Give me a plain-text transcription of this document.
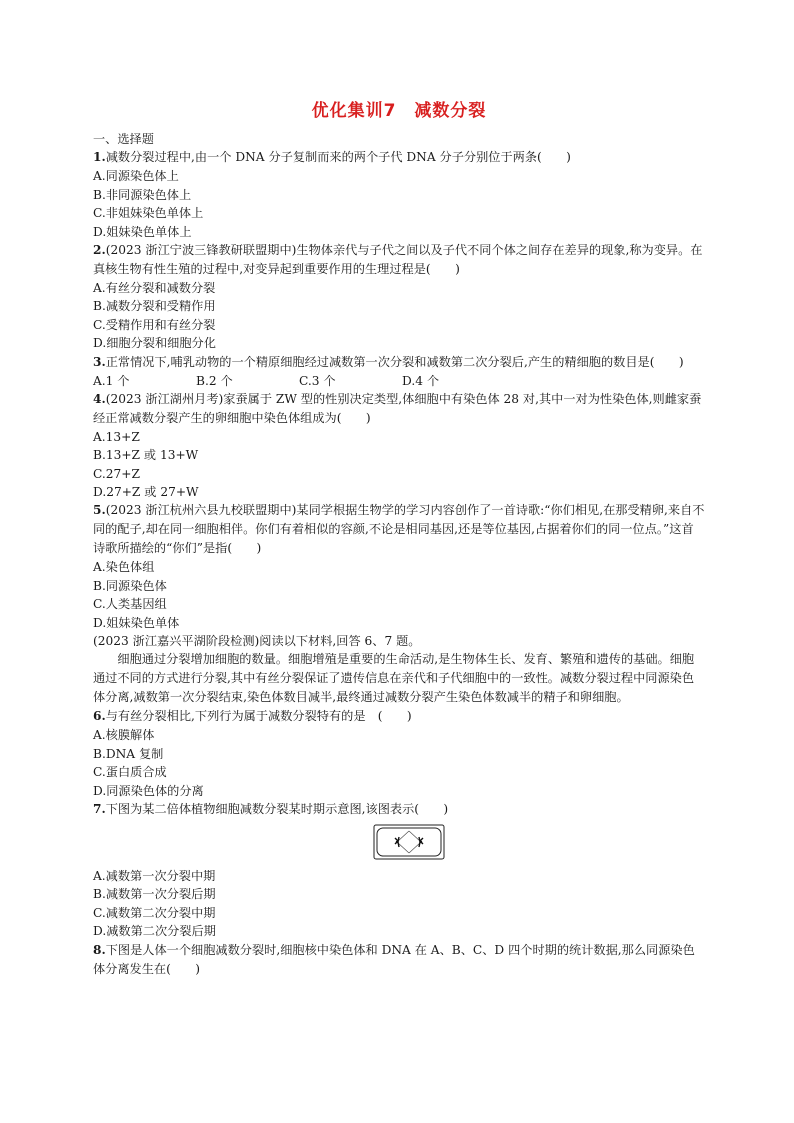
优化集训7　减数分裂
一、选择题
1.减数分裂过程中,由一个 DNA 分子复制而来的两个子代 DNA 分子分别位于两条(　　)
A.同源染色体上
B.非同源染色体上
C.非姐妹染色单体上
D.姐妹染色单体上
2.(2023 浙江宁波三锋教研联盟期中)生物体亲代与子代之间以及子代不同个体之间存在差异的现象,称为变异。在真核生物有性生殖的过程中,对变异起到重要作用的生理过程是(　　)
A.有丝分裂和减数分裂
B.减数分裂和受精作用
C.受精作用和有丝分裂
D.细胞分裂和细胞分化
3.正常情况下,哺乳动物的一个精原细胞经过减数第一次分裂和减数第二次分裂后,产生的精细胞的数目是(　　)
A.1 个	B.2 个	C.3 个	D.4 个
4.(2023 浙江湖州月考)家蚕属于 ZW 型的性别决定类型,体细胞中有染色体 28 对,其中一对为性染色体,则雌家蚕经正常减数分裂产生的卵细胞中染色体组成为(　　)
A.13+Z
B.13+Z 或 13+W
C.27+Z
D.27+Z 或 27+W
5.(2023 浙江杭州六县九校联盟期中)某同学根据生物学的学习内容创作了一首诗歌:“你们相见,在那受精卵,来自不同的配子,却在同一细胞相伴。你们有着相似的容颜,不论是相同基因,还是等位基因,占据着你们的同一位点。”这首诗歌所描绘的“你们”是指(　　)
A.染色体组
B.同源染色体
C.人类基因组
D.姐妹染色单体
(2023 浙江嘉兴平湖阶段检测)阅读以下材料,回答 6、7 题。
细胞通过分裂增加细胞的数量。细胞增殖是重要的生命活动,是生物体生长、发育、繁殖和遗传的基础。细胞通过不同的方式进行分裂,其中有丝分裂保证了遗传信息在亲代和子代细胞中的一致性。减数分裂过程中同源染色体分离,减数第一次分裂结束,染色体数目减半,最终通过减数分裂产生染色体数减半的精子和卵细胞。
6.与有丝分裂相比,下列行为属于减数分裂特有的是　(　　)
A.核膜解体
B.DNA 复制
C.蛋白质合成
D.同源染色体的分离
7.下图为某二倍体植物细胞减数分裂某时期示意图,该图表示(　　)
A.减数第一次分裂中期
B.减数第一次分裂后期
C.减数第二次分裂中期
D.减数第二次分裂后期
8.下图是人体一个细胞减数分裂时,细胞核中染色体和 DNA 在 A、B、C、D 四个时期的统计数据,那么同源染色体分离发生在(　　)
